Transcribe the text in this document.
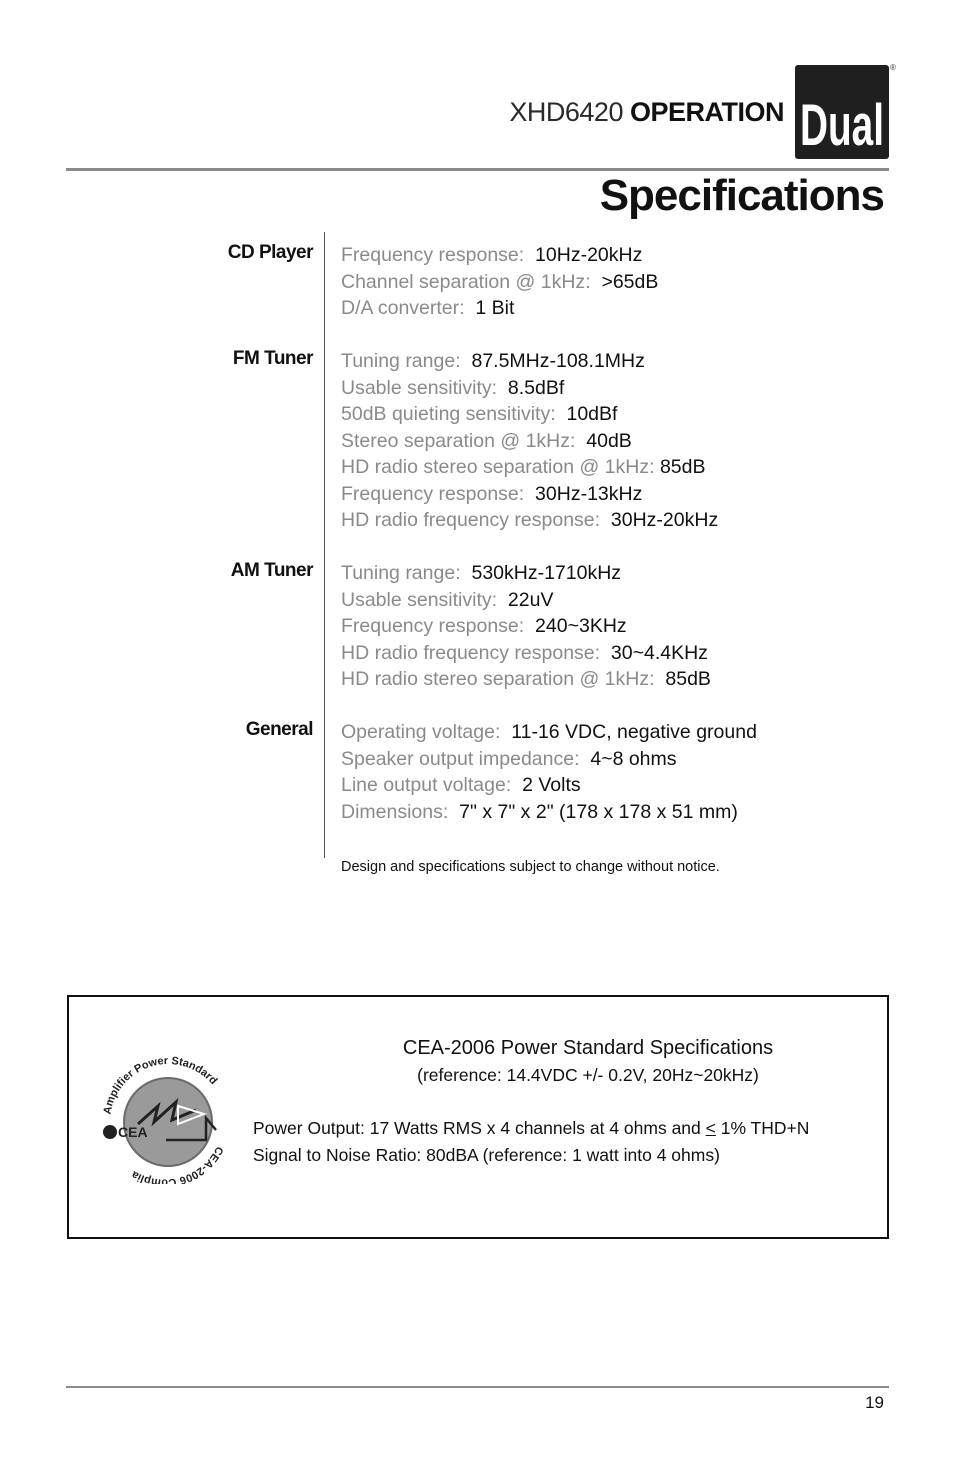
XHD6420 OPERATION Dual
®
Specifications
CD Player Frequency response:  10Hz-20kHz
Channel separation @ 1kHz:  >65dB
D/A converter:  1 Bit
FM Tuner Tuning range:  87.5MHz-108.1MHz
Usable sensitivity:  8.5dBf
50dB quieting sensitivity:  10dBf
Stereo separation @ 1kHz:  40dB
HD radio stereo separation @ 1kHz: 85dB
Frequency response:  30Hz-13kHz
HD radio frequency response:  30Hz-20kHz
AM Tuner Tuning range:  530kHz-1710kHz
Usable sensitivity:  22uV
Frequency response:  240~3KHz
HD radio frequency response:  30~4.4KHz
HD radio stereo separation @ 1kHz:  85dB
General Operating voltage:  11-16 VDC, negative ground
Speaker output impedance:  4~8 ohms
Line output voltage:  2 Volts
Dimensions:  7" x 7" x 2" (178 x 178 x 51 mm)
Design and specifications subject to change without notice.
CEA
Amplifier Power Standard
CEA-2006 Complia
CEA-2006 Power Standard Specifications
(reference: 14.4VDC +/- 0.2V, 20Hz~20kHz)
Power Output: 17 Watts RMS x 4 channels at 4 ohms and ≤ 1% THD+N
Signal to Noise Ratio: 80dBA (reference: 1 watt into 4 ohms)
19
